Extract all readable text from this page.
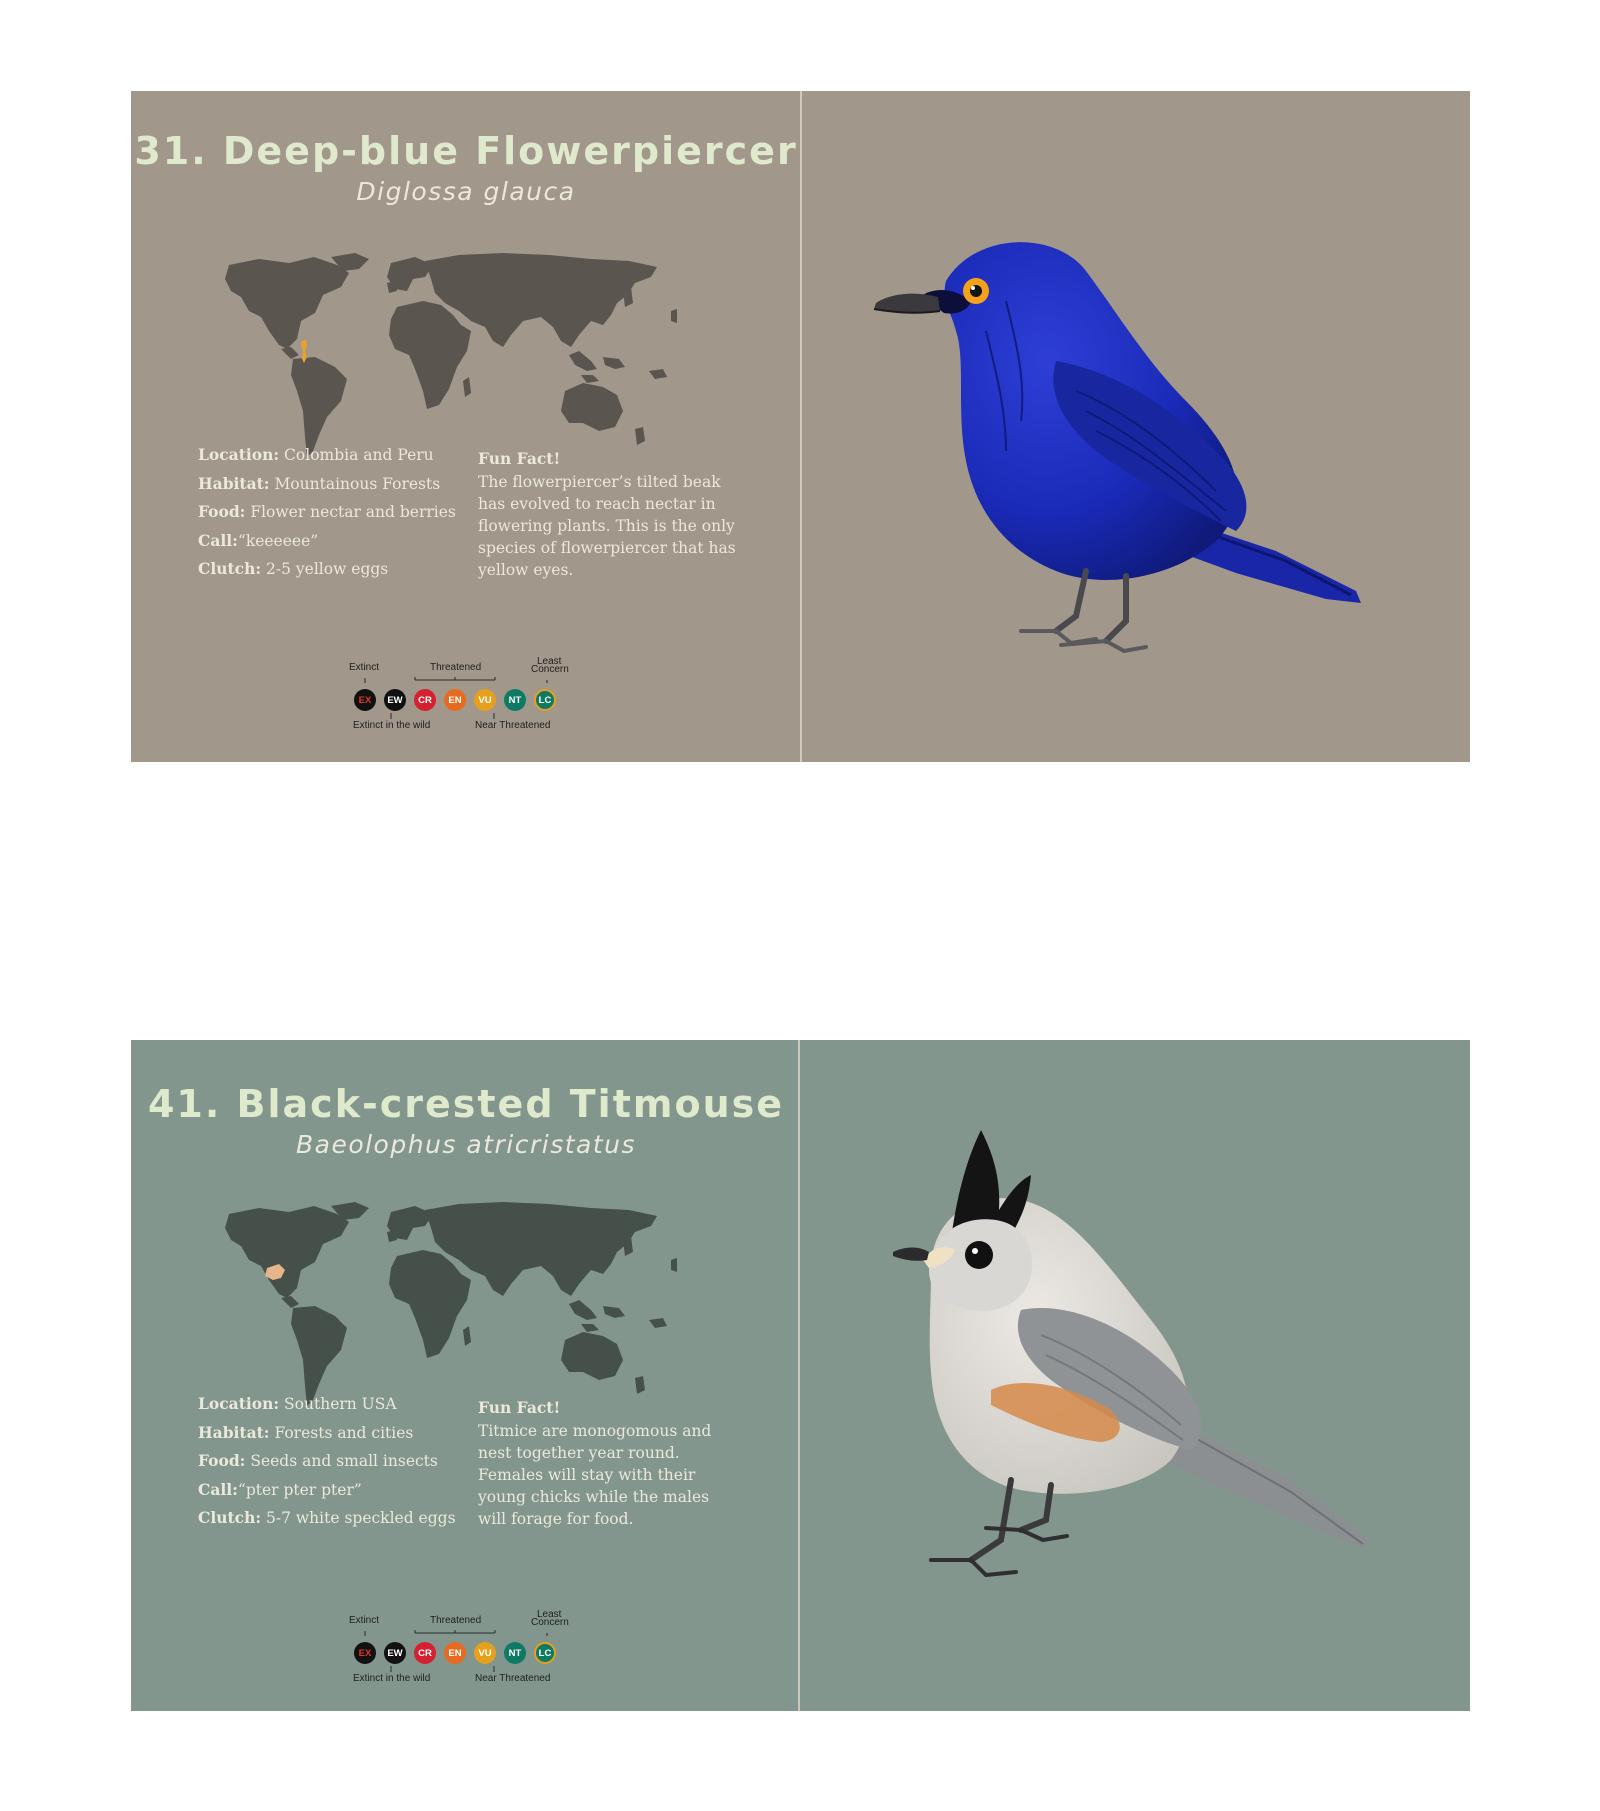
31. Deep-blue Flowerpiercer
Diglossa glauca
Location: Colombia and Peru
Habitat: Mountainous Forests
Food: Flower nectar and berries
Call:“keeeeee”
Clutch: 2-5 yellow eggs
Fun Fact!
The flowerpiercer’s tilted beak has evolved to reach nectar in flowering plants. This is the only species of flowerpiercer that has yellow eyes.
Extinct	Threatened
Least
Concern
EX	EW	CR	EN	VU	NT	LC
Extinct in the wild	Near Threatened
41. Black-crested Titmouse
Baeolophus atricristatus
Location: Southern USA
Habitat: Forests and cities
Food: Seeds and small insects
Call:“pter pter pter”
Clutch: 5-7 white speckled eggs
Fun Fact!
Titmice are monogomous and nest together year round. Females will stay with their young chicks while the males will forage for food.
Extinct	Threatened
Least
Concern
EX	EW	CR	EN	VU	NT	LC
Extinct in the wild	Near Threatened
